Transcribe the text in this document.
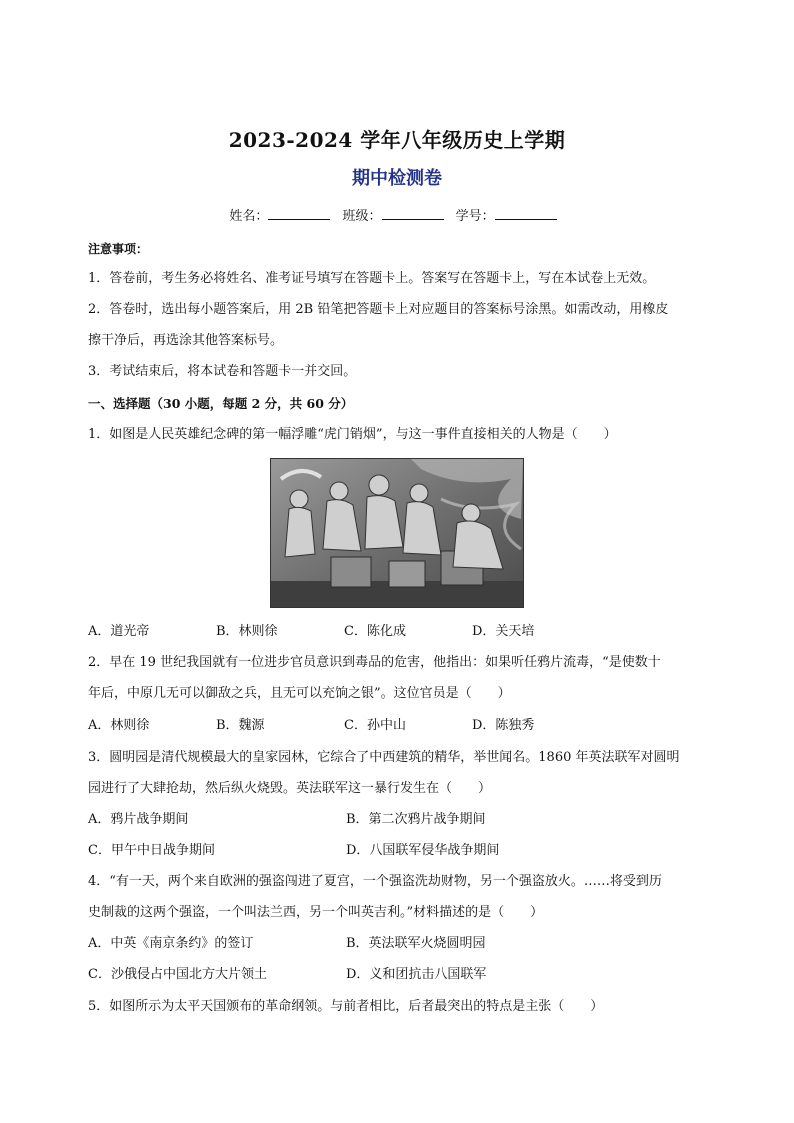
2023-2024 学年八年级历史上学期
期中检测卷
姓名：	班级：	学号：
注意事项：
1．答卷前，考生务必将姓名、准考证号填写在答题卡上。答案写在答题卡上，写在本试卷上无效。
2．答卷时，选出每小题答案后，用 2B 铅笔把答题卡上对应题目的答案标号涂黑。如需改动，用橡皮
擦干净后，再选涂其他答案标号。
3．考试结束后，将本试卷和答题卡一并交回。
一、选择题（30 小题，每题 2 分，共 60 分）
1．如图是人民英雄纪念碑的第一幅浮雕“虎门销烟”，与这一事件直接相关的人物是（　　）
A．道光帝	B．林则徐	C．陈化成	D．关天培
2．早在 19 世纪我国就有一位进步官员意识到毒品的危害，他指出：如果听任鸦片流毒，“是使数十
年后，中原几无可以御敌之兵，且无可以充饷之银”。这位官员是（　　）
A．林则徐	B．魏源	C．孙中山	D．陈独秀
3．圆明园是清代规模最大的皇家园林，它综合了中西建筑的精华，举世闻名。1860 年英法联军对圆明
园进行了大肆抢劫，然后纵火烧毁。英法联军这一暴行发生在（　　）
A．鸦片战争期间	B．第二次鸦片战争期间
C．甲午中日战争期间	D．八国联军侵华战争期间
4．“有一天，两个来自欧洲的强盗闯进了夏宫，一个强盗洗劫财物，另一个强盗放火。……将受到历
史制裁的这两个强盗，一个叫法兰西，另一个叫英吉利。”材料描述的是（　　）
A．中英《南京条约》的签订	B．英法联军火烧圆明园
C．沙俄侵占中国北方大片领土	D．义和团抗击八国联军
5．如图所示为太平天国颁布的革命纲领。与前者相比，后者最突出的特点是主张（　　）
